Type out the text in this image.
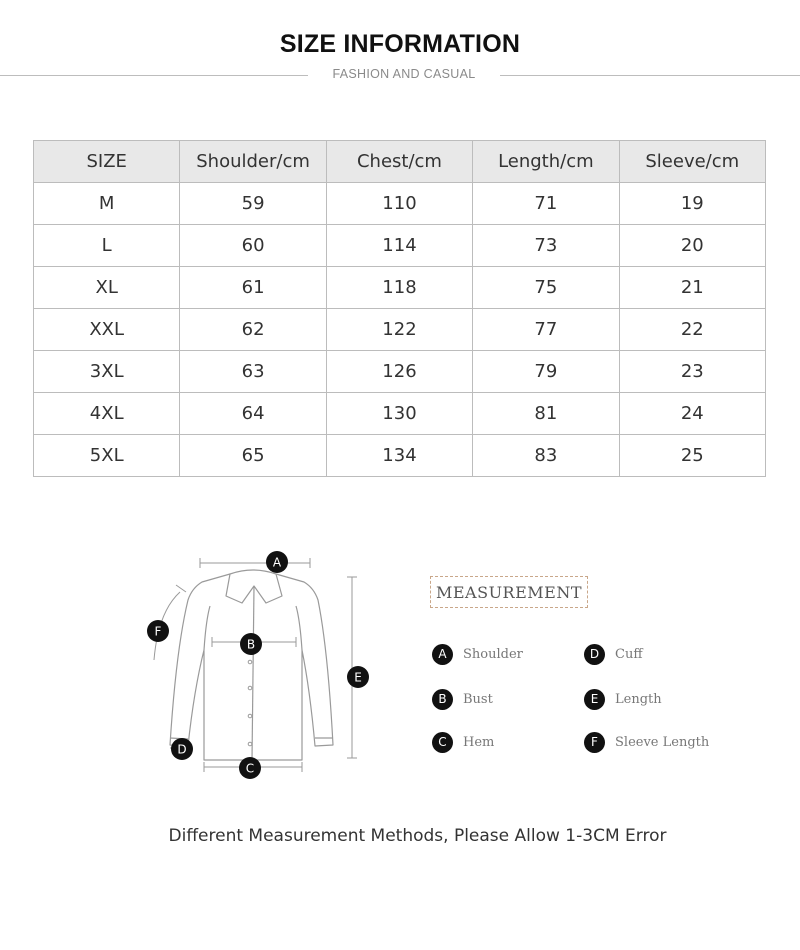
SIZE INFORMATION
FASHION AND CASUAL
SIZE	Shoulder/cm	Chest/cm	Length/cm	Sleeve/cm
M	59	110	71	19
L	60	114	73	20
XL	61	118	75	21
XXL	62	122	77	22
3XL	63	126	79	23
4XL	64	130	81	24
5XL	65	134	83	25
A
B
C
D
E
F
MEASUREMENT
A	Shoulder
B	Bust
C	Hem
D	Cuff
E	Length
F	Sleeve Length
Different Measurement Methods, Please Allow 1-3CM Error
